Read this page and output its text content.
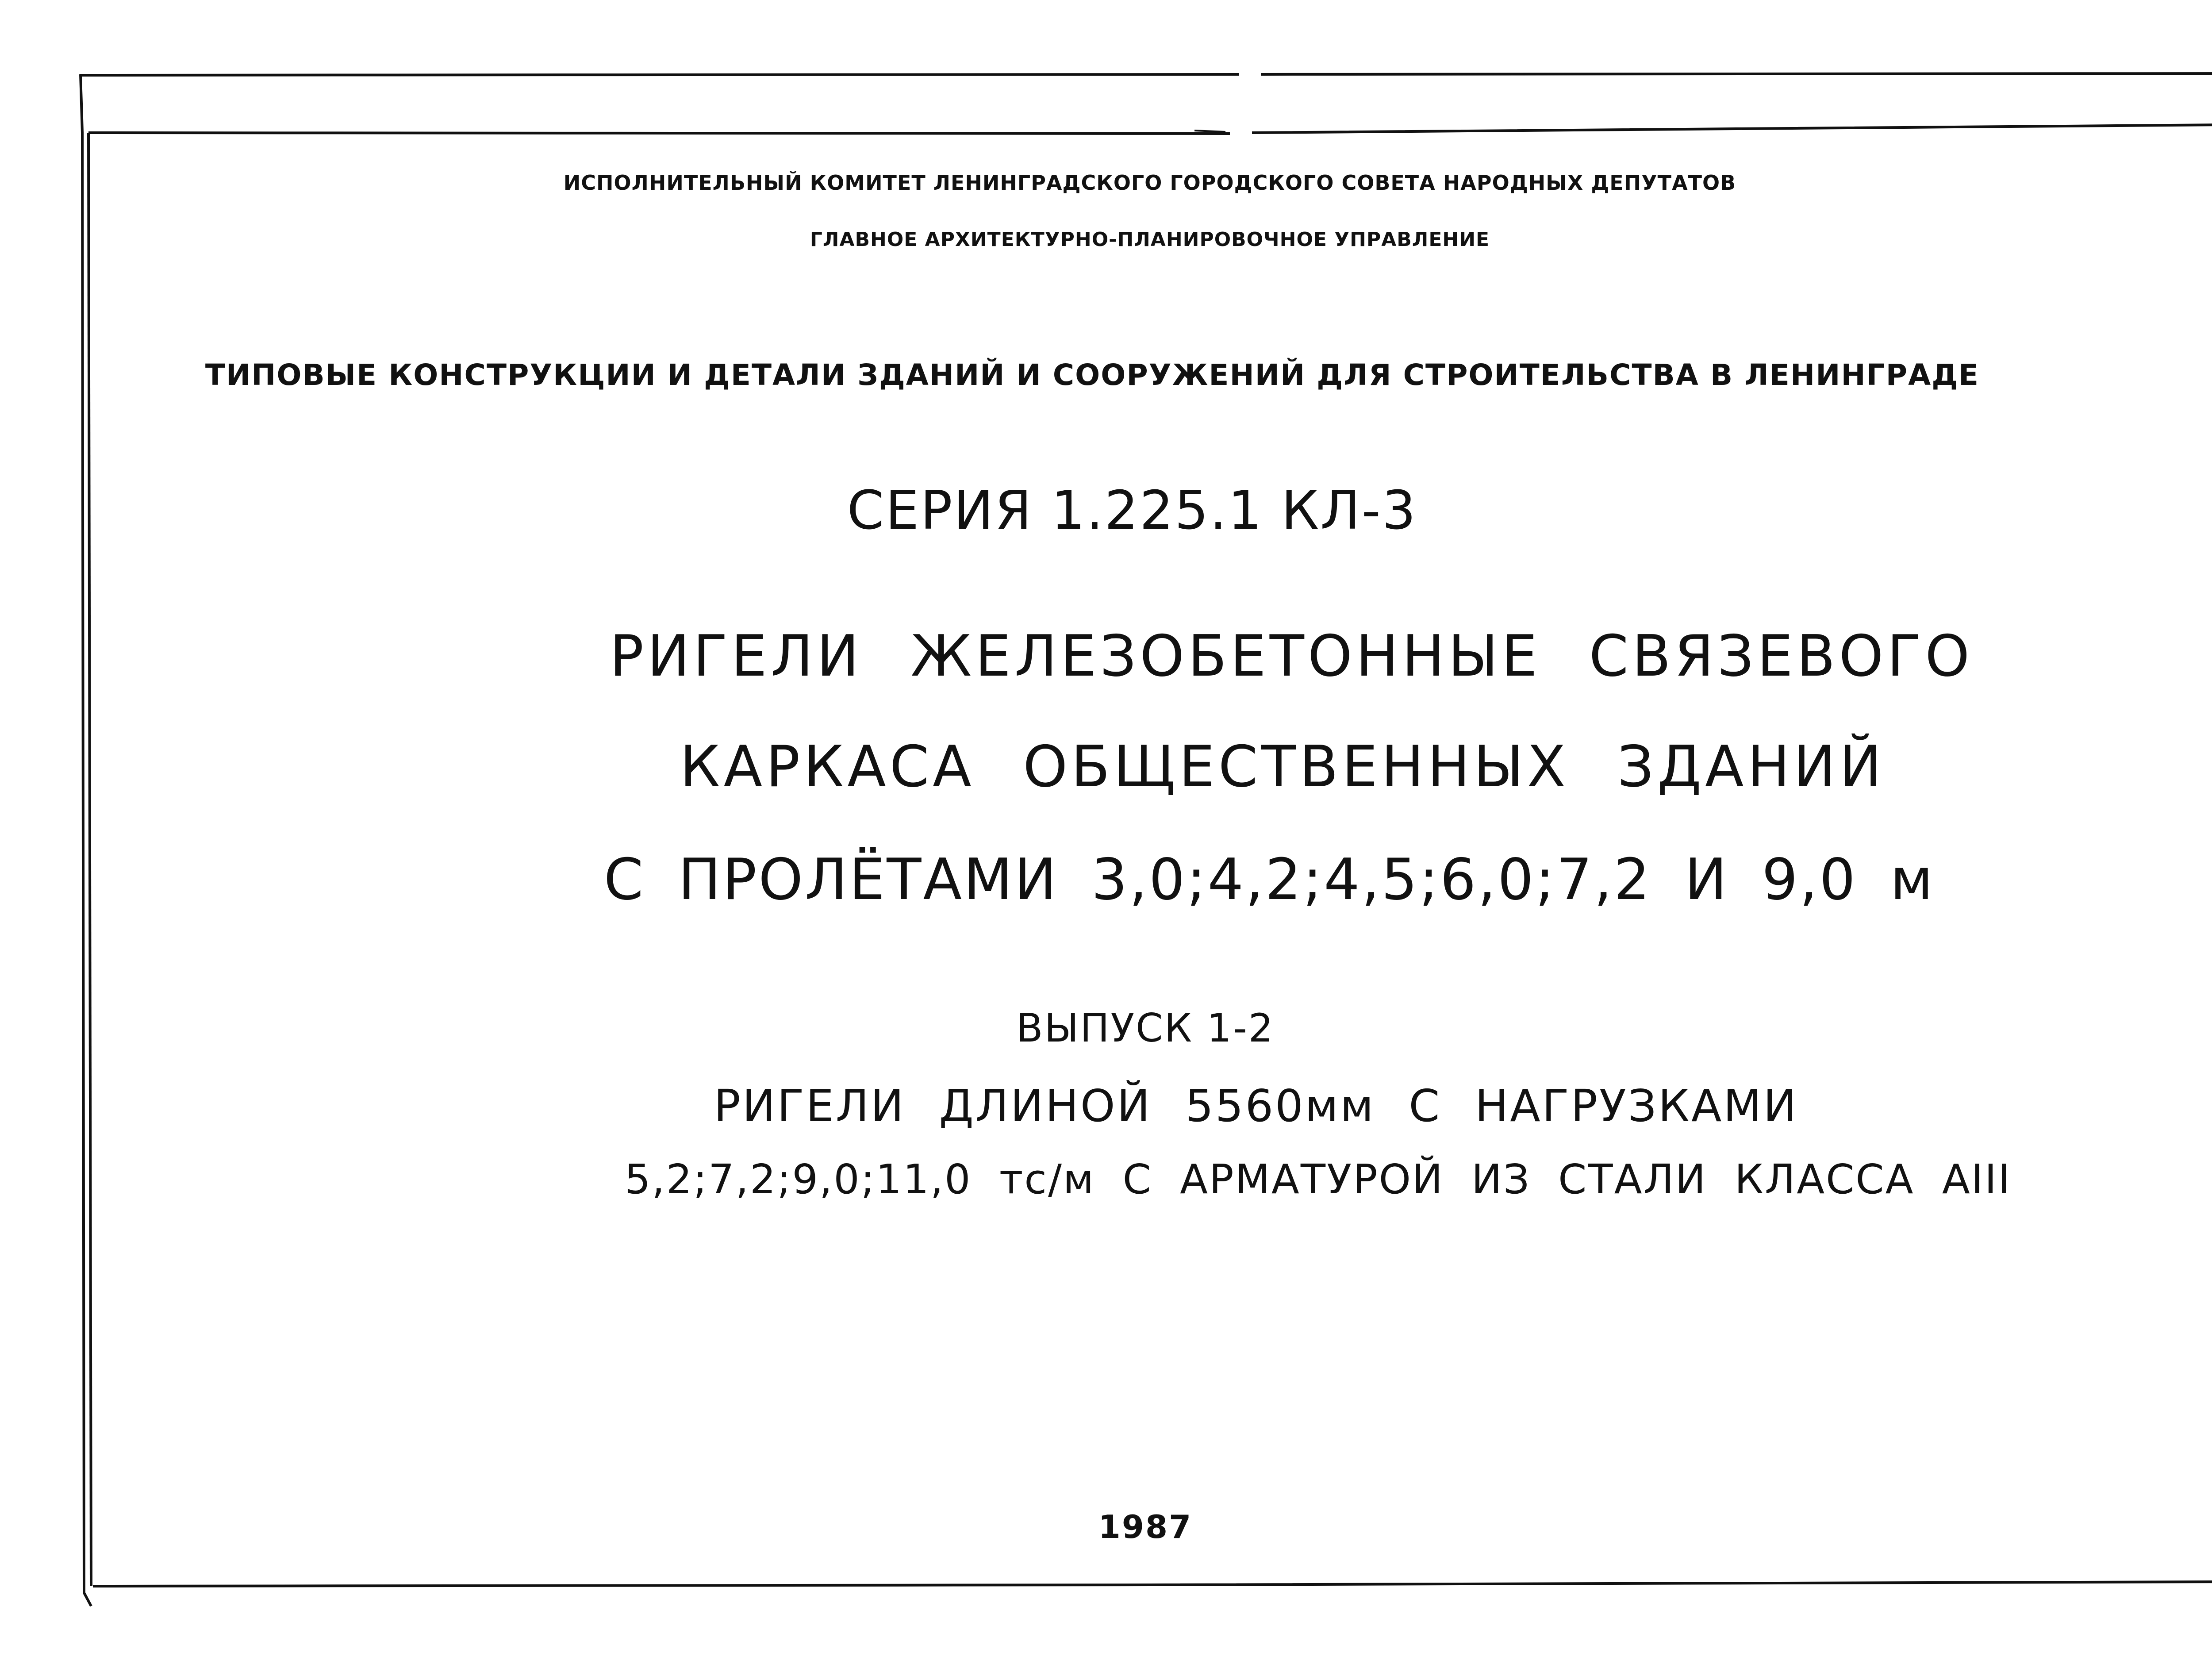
ИСПОЛНИТЕЛЬНЫЙ КОМИТЕТ ЛЕНИНГРАДСКОГО ГОРОДСКОГО СОВЕТА НАРОДНЫХ ДЕПУТАТОВ
ГЛАВНОЕ АРХИТЕКТУРНО-ПЛАНИРОВОЧНОЕ УПРАВЛЕНИЕ
ТИПОВЫЕ КОНСТРУКЦИИ И ДЕТАЛИ ЗДАНИЙ И СООРУЖЕНИЙ ДЛЯ СТРОИТЕЛЬСТВА В ЛЕНИНГРАДЕ
СЕРИЯ 1.225.1 КЛ-3
РИГЕЛИ ЖЕЛЕЗОБЕТОННЫЕ СВЯЗЕВОГО
КАРКАСА ОБЩЕСТВЕННЫХ ЗДАНИЙ
С ПРОЛЁТАМИ 3,0;4,2;4,5;6,0;7,2 И 9,0 м
ВЫПУСК 1-2
РИГЕЛИ ДЛИНОЙ 5560мм С НАГРУЗКАМИ
5,2;7,2;9,0;11,0 тс/м С АРМАТУРОЙ ИЗ СТАЛИ КЛАССА АIII
1987
